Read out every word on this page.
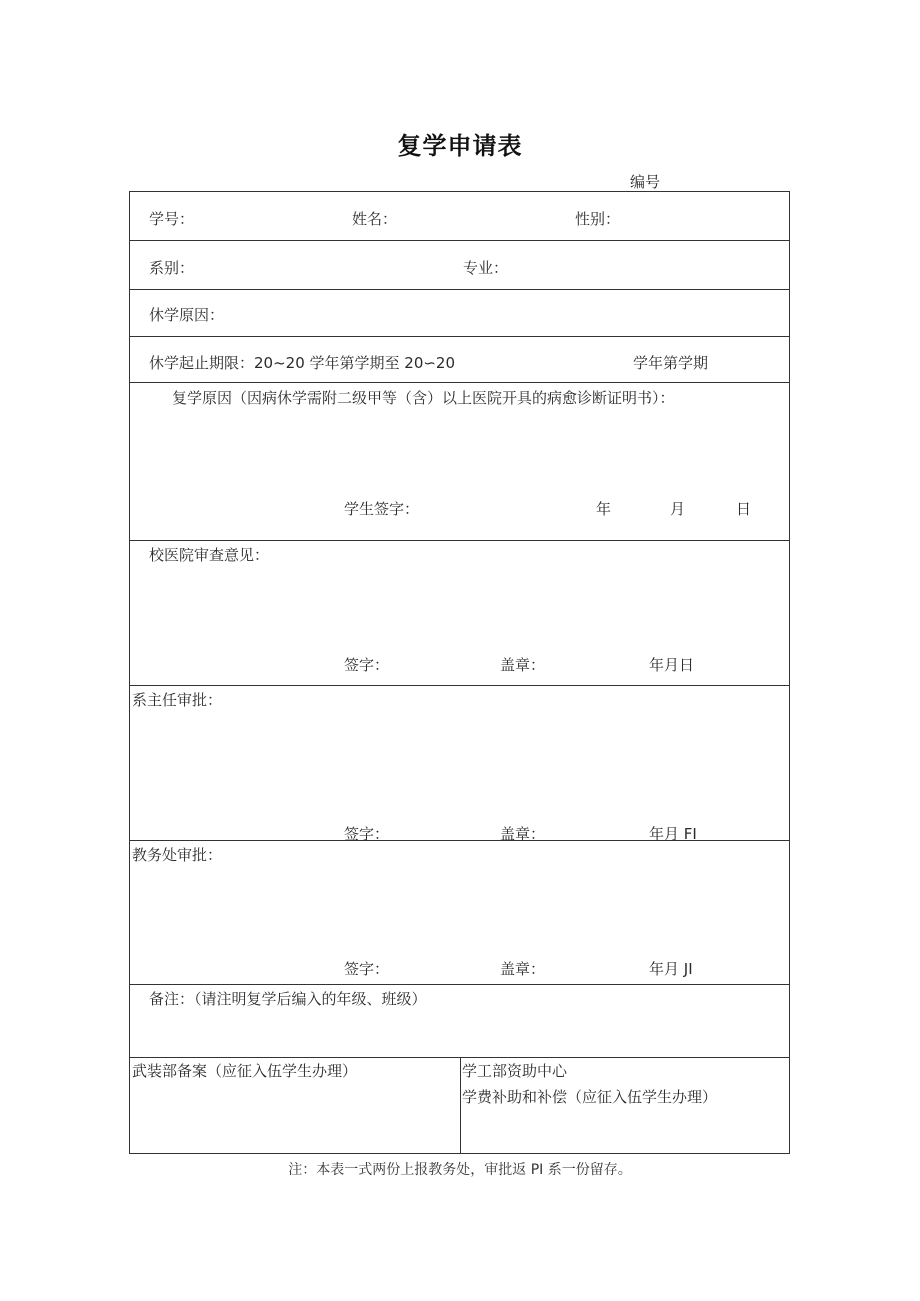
复学申请表
编号
学号：	姓名：	性别：
系别：	专业：
休学原因：
休学起止期限：20~20 学年第学期至 20∽20	学年第学期
复学原因（因病休学需附二级甲等（含）以上医院开具的病愈诊断证明书）：
学生签字：	年	月	日
校医院审查意见：
签字：	盖章：	年月日
系主任审批：
签字：	盖章：	年月 FI
教务处审批：
签字：	盖章：	年月 JI
备注：（请注明复学后编入的年级、班级）
武装部备案（应征入伍学生办理）	学工部资助中心
学费补助和补偿（应征入伍学生办理）
注：本表一式两份上报教务处，审批返 PI 系一份留存。
